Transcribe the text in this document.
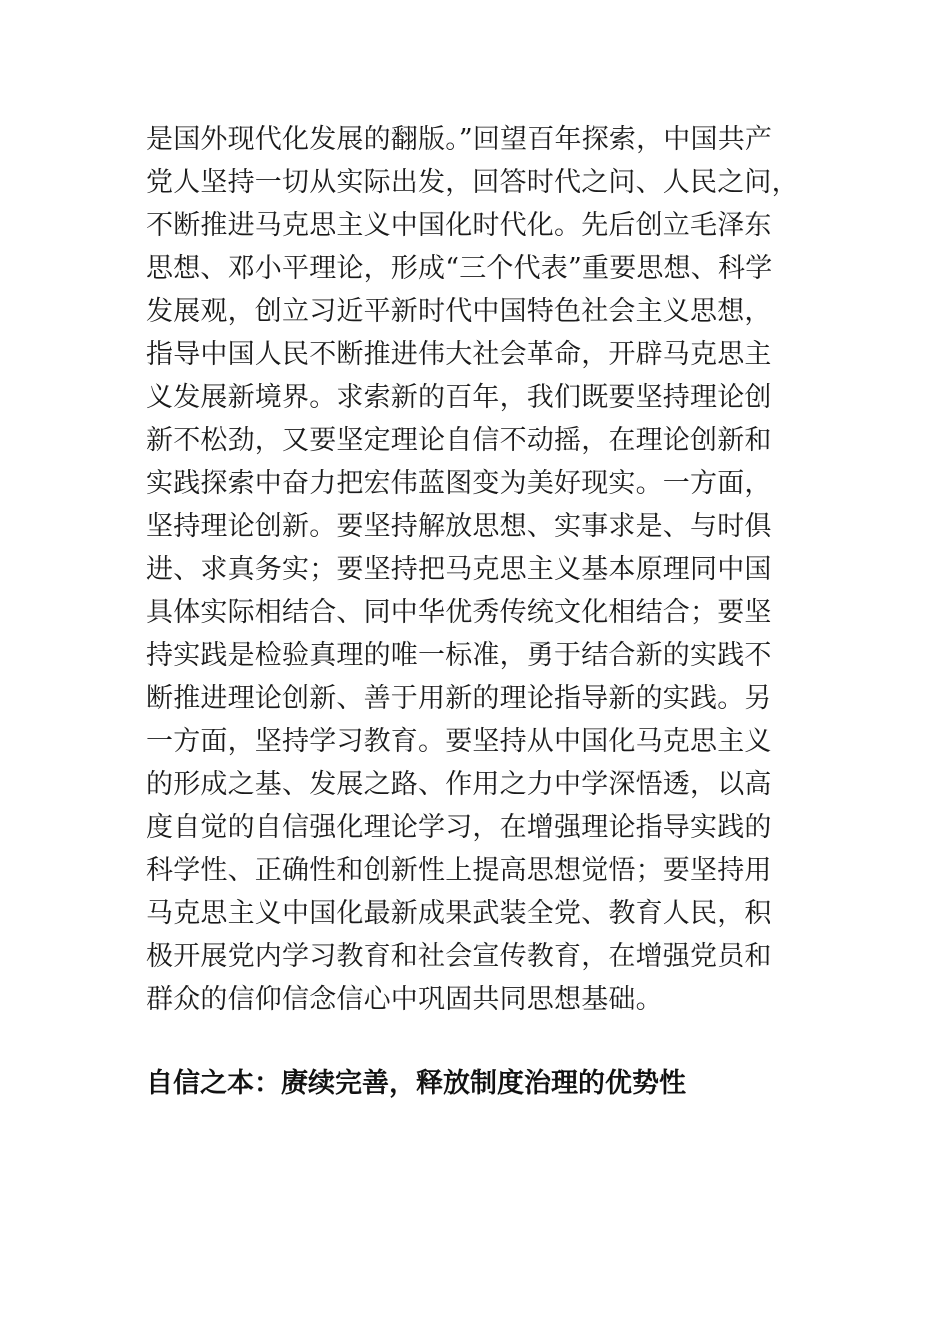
是国外现代化发展的翻版。”回望百年探索，中国共产
党人坚持一切从实际出发，回答时代之问、人民之问，
不断推进马克思主义中国化时代化。先后创立毛泽东
思想、邓小平理论，形成“三个代表”重要思想、科学
发展观，创立习近平新时代中国特色社会主义思想，
指导中国人民不断推进伟大社会革命，开辟马克思主
义发展新境界。求索新的百年，我们既要坚持理论创
新不松劲，又要坚定理论自信不动摇，在理论创新和
实践探索中奋力把宏伟蓝图变为美好现实。一方面，
坚持理论创新。要坚持解放思想、实事求是、与时俱
进、求真务实；要坚持把马克思主义基本原理同中国
具体实际相结合、同中华优秀传统文化相结合；要坚
持实践是检验真理的唯一标准，勇于结合新的实践不
断推进理论创新、善于用新的理论指导新的实践。另
一方面，坚持学习教育。要坚持从中国化马克思主义
的形成之基、发展之路、作用之力中学深悟透，以高
度自觉的自信强化理论学习，在增强理论指导实践的
科学性、正确性和创新性上提高思想觉悟；要坚持用
马克思主义中国化最新成果武装全党、教育人民，积
极开展党内学习教育和社会宣传教育，在增强党员和
群众的信仰信念信心中巩固共同思想基础。
自信之本：赓续完善，释放制度治理的优势性
